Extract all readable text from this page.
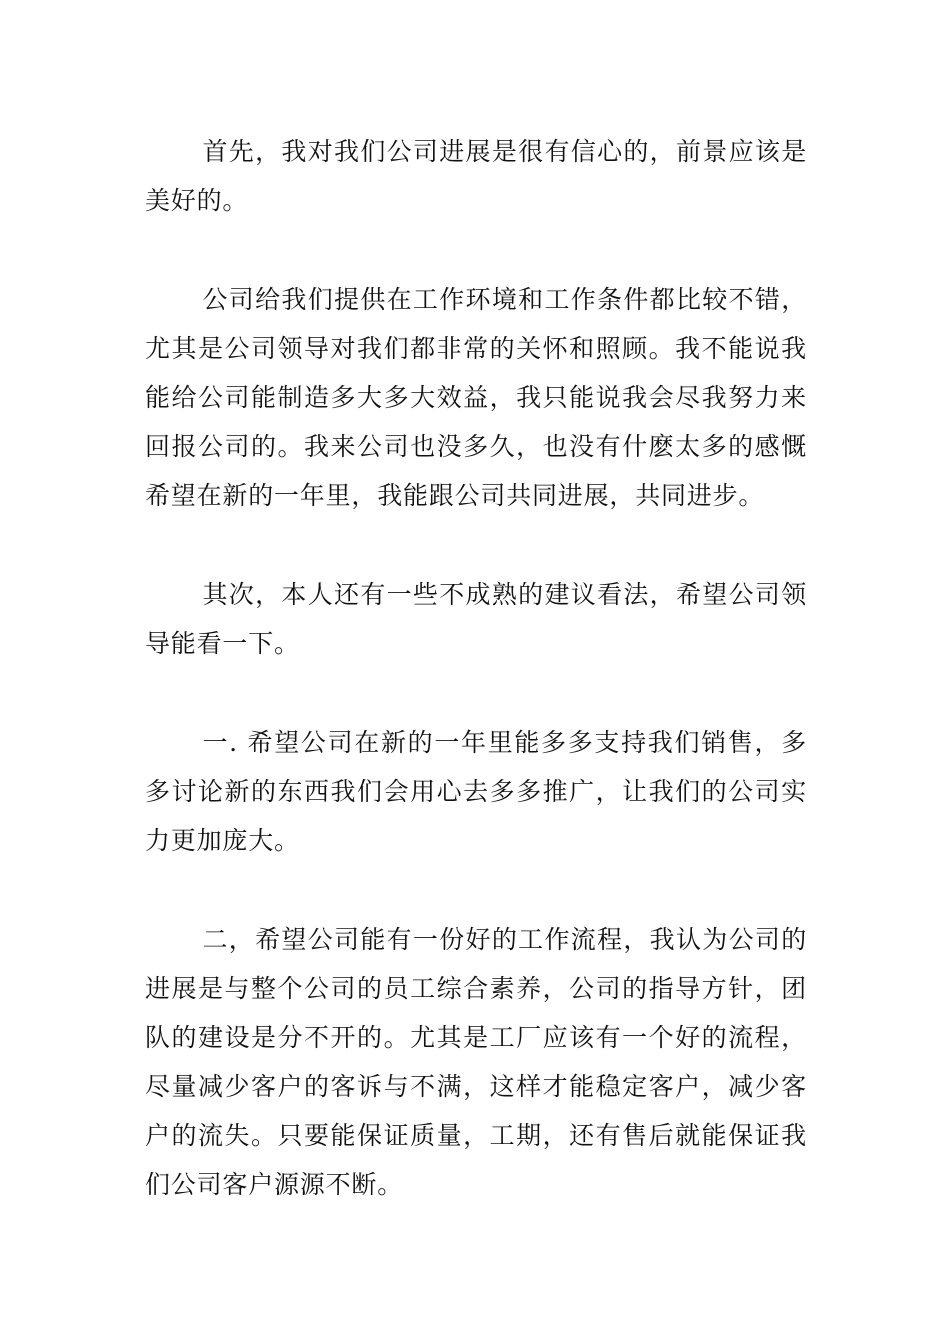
首先，我对我们公司进展是很有信心的，前景应该是美好的。

公司给我们提供在工作环境和工作条件都比较不错，尤其是公司领导对我们都非常的关怀和照顾。我不能说我能给公司能制造多大多大效益，我只能说我会尽我努力来回报公司的。我来公司也没多久，也没有什麽太多的感慨希望在新的一年里，我能跟公司共同进展，共同进步。

其次，本人还有一些不成熟的建议看法，希望公司领导能看一下。

一. 希望公司在新的一年里能多多支持我们销售，多多讨论新的东西我们会用心去多多推广，让我们的公司实力更加庞大。

二，希望公司能有一份好的工作流程，我认为公司的进展是与整个公司的员工综合素养，公司的指导方针，团队的建设是分不开的。尤其是工厂应该有一个好的流程，尽量减少客户的客诉与不满，这样才能稳定客户，减少客户的流失。只要能保证质量，工期，还有售后就能保证我们公司客户源源不断。
